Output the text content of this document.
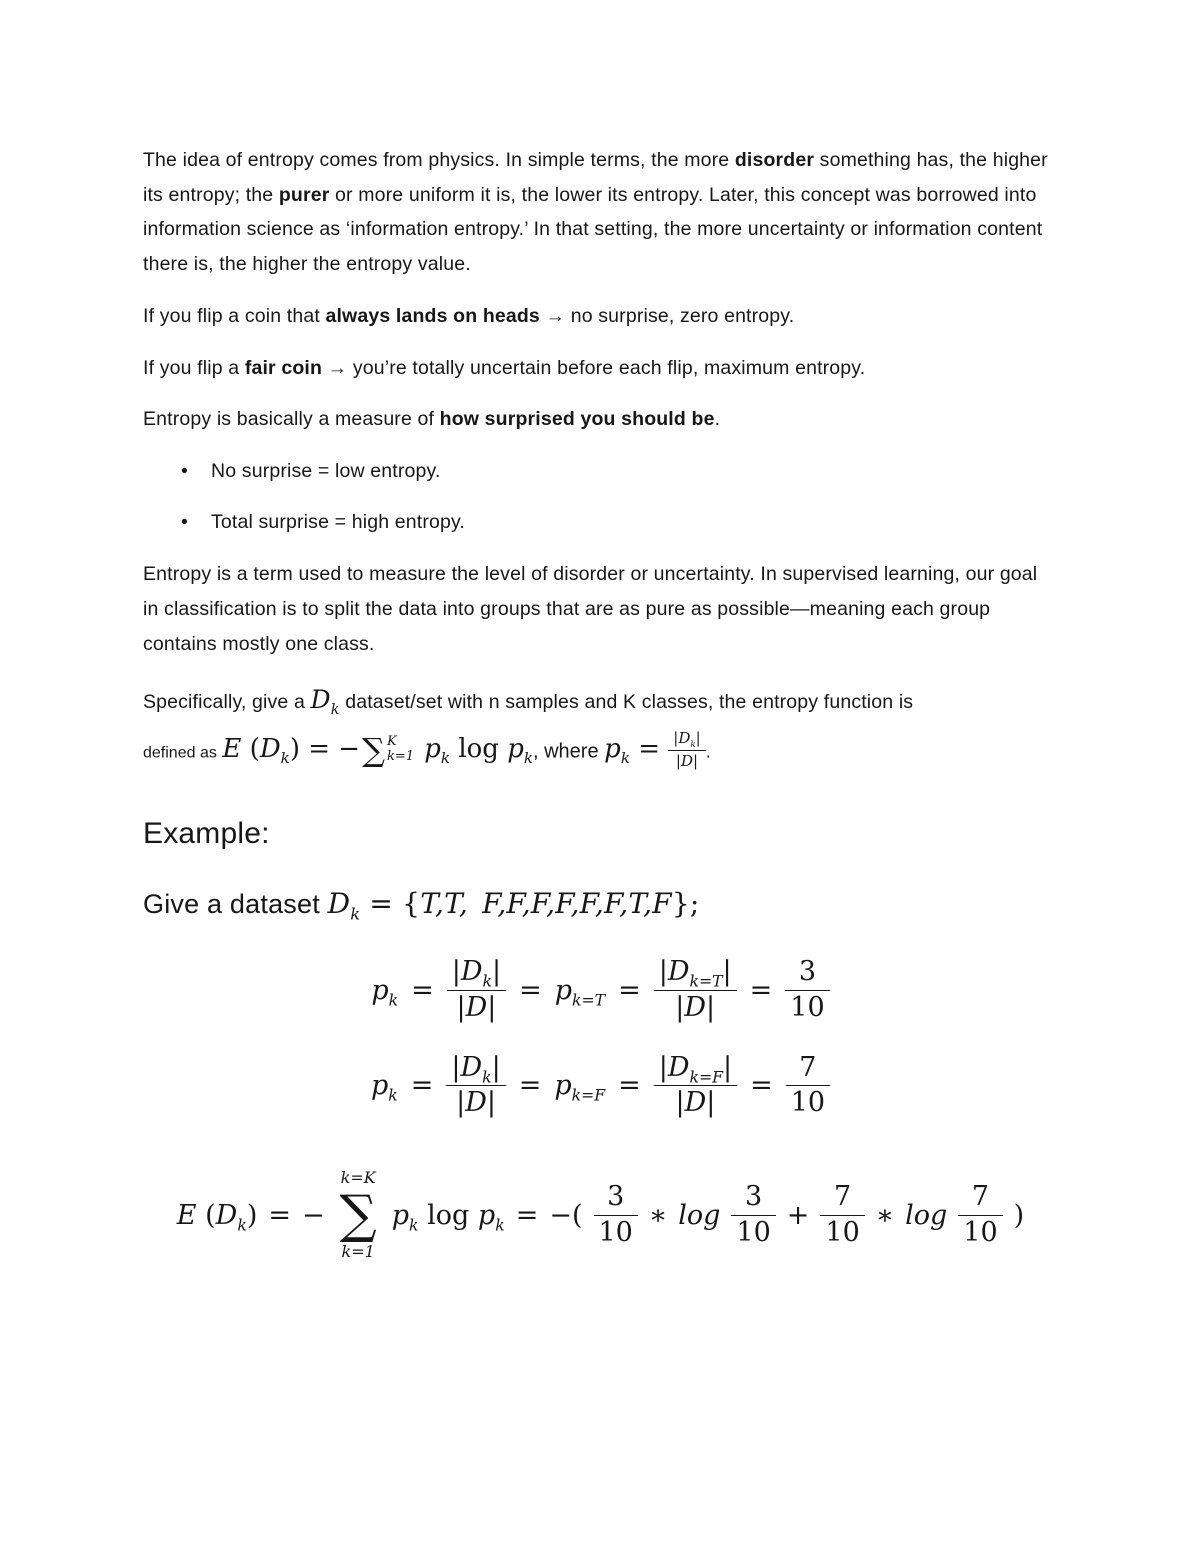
The idea of entropy comes from physics. In simple terms, the more disorder something has, the higher its entropy; the purer or more uniform it is, the lower its entropy. Later, this concept was borrowed into information science as ‘information entropy.’ In that setting, the more uncertainty or information content there is, the higher the entropy value.

If you flip a coin that always lands on heads → no surprise, zero entropy.

If you flip a fair coin → you’re totally uncertain before each flip, maximum entropy.

Entropy is basically a measure of how surprised you should be.

• No surprise = low entropy.
• Total surprise = high entropy.

Entropy is a term used to measure the level of disorder or uncertainty. In supervised learning, our goal in classification is to split the data into groups that are as pure as possible—meaning each group contains mostly one class.

Specifically, give a $D_k$ dataset/set with n samples and K classes, the entropy function is
defined as E $(D_k)$ = − ∑ K
k=1 $p_k$ $\log p_k$, where $p_k = \frac{|D_k|}{|D|}$ .
Example:
Give a dataset $D_k = \{T,T$, F,F,F,F,F,F,T,F};
$p_k = \frac{|D_k|}{|D|} = p_{k=T} = \frac{|D_{k=T}|}{|D|} = \frac{3}{10}$
$p_k = \frac{|D_k|}{|D|} = p_{k=F} = \frac{|D_{k=F}|}{|D|} = \frac{7}{10}$
E $(D_k)$ = −
k=K
∑
k=1
$p_k$ $\log p_k$ = −( $\frac{3}{10}$ ∗ $\log \frac{3}{10} + \frac{7}{10}$ ∗ $\log \frac{7}{10}$ )
